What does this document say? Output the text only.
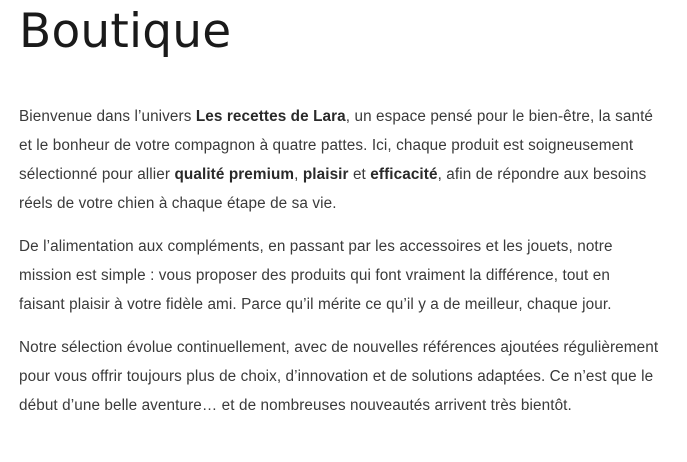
Boutique

Bienvenue dans l’univers Les recettes de Lara, un espace pensé pour le bien-être, la santé et le bonheur de votre compagnon à quatre pattes. Ici, chaque produit est soigneusement sélectionné pour allier qualité premium, plaisir et efficacité, afin de répondre aux besoins réels de votre chien à chaque étape de sa vie.

De l’alimentation aux compléments, en passant par les accessoires et les jouets, notre mission est simple : vous proposer des produits qui font vraiment la différence, tout en faisant plaisir à votre fidèle ami. Parce qu’il mérite ce qu’il y a de meilleur, chaque jour.

Notre sélection évolue continuellement, avec de nouvelles références ajoutées régulièrement pour vous offrir toujours plus de choix, d’innovation et de solutions adaptées. Ce n’est que le début d’une belle aventure… et de nombreuses nouveautés arrivent très bientôt.
